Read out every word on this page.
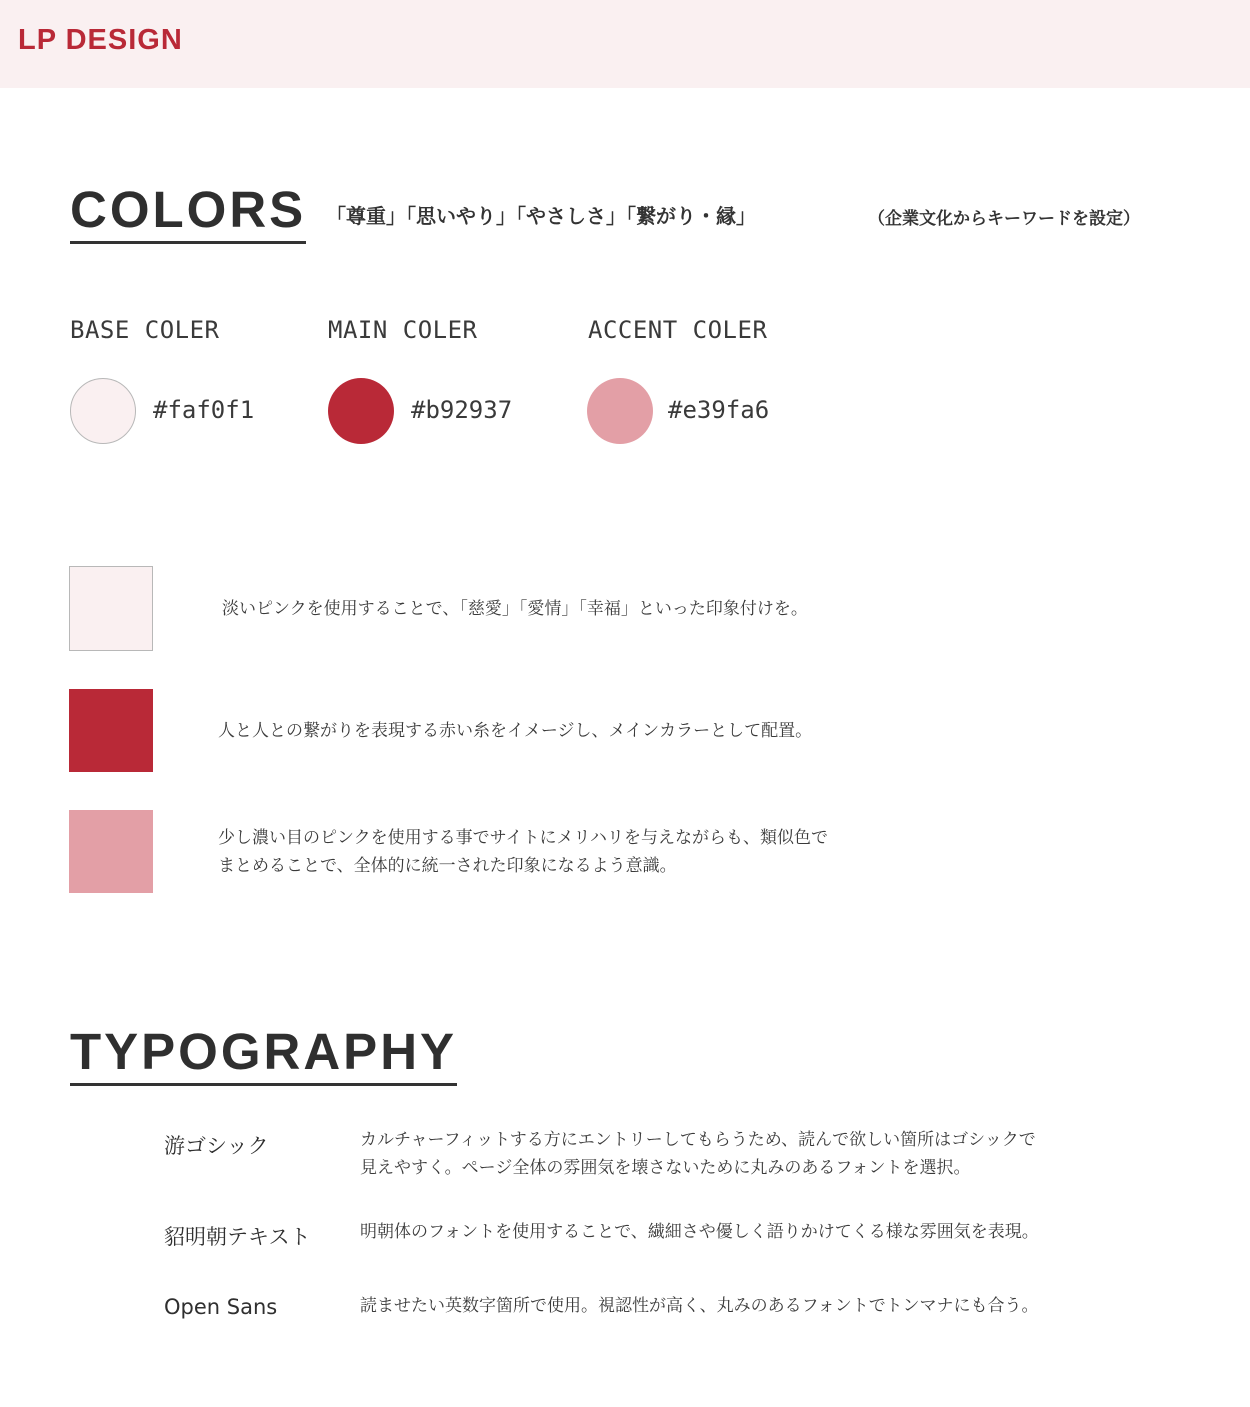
LP DESIGN
COLORS 「尊重」「思いやり」「やさしさ」「繋がり・縁」	（企業文化からキーワードを設定）
BASE COLER
#faf0f1
MAIN COLER
#b92937
ACCENT COLER
#e39fa6
淡いピンクを使用することで、「慈愛」「愛情」「幸福」といった印象付けを。
人と人との繋がりを表現する赤い糸をイメージし、メインカラーとして配置。
少し濃い目のピンクを使用する事でサイトにメリハリを与えながらも、類似色で
まとめることで、全体的に統一された印象になるよう意識。
TYPOGRAPHY
游ゴシック	カルチャーフィットする方にエントリーしてもらうため、読んで欲しい箇所はゴシックで
見えやすく。ページ全体の雰囲気を壊さないために丸みのあるフォントを選択。
貂明朝テキスト	明朝体のフォントを使用することで、繊細さや優しく語りかけてくる様な雰囲気を表現。
Open Sans	読ませたい英数字箇所で使用。視認性が高く、丸みのあるフォントでトンマナにも合う。
